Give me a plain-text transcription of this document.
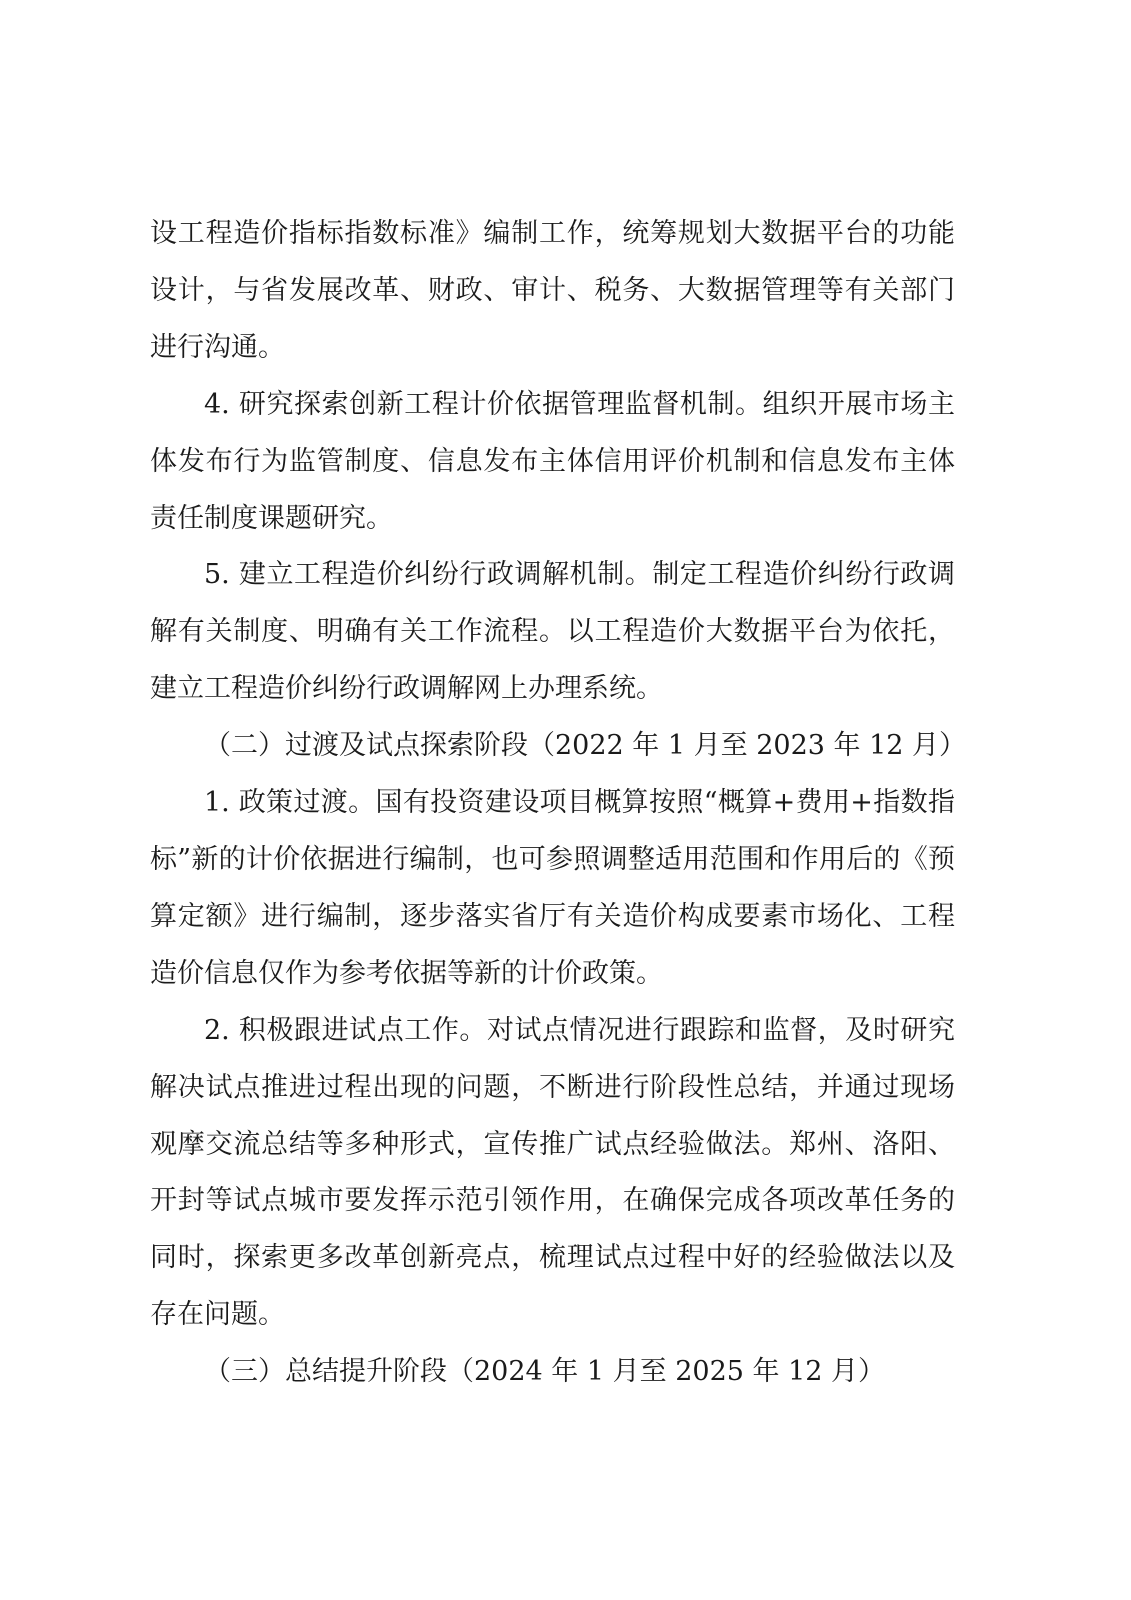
设工程造价指标指数标准》编制工作，统筹规划大数据平台的功能设计，与省发展改革、财政、审计、税务、大数据管理等有关部门进行沟通。

4. 研究探索创新工程计价依据管理监督机制。组织开展市场主体发布行为监管制度、信息发布主体信用评价机制和信息发布主体责任制度课题研究。

5. 建立工程造价纠纷行政调解机制。制定工程造价纠纷行政调解有关制度、明确有关工作流程。以工程造价大数据平台为依托，建立工程造价纠纷行政调解网上办理系统。

（二）过渡及试点探索阶段（2022 年 1 月至 2023 年 12 月）

1. 政策过渡。国有投资建设项目概算按照“概算+费用+指数指标”新的计价依据进行编制，也可参照调整适用范围和作用后的《预算定额》进行编制，逐步落实省厅有关造价构成要素市场化、工程造价信息仅作为参考依据等新的计价政策。

2. 积极跟进试点工作。对试点情况进行跟踪和监督，及时研究解决试点推进过程出现的问题，不断进行阶段性总结，并通过现场观摩交流总结等多种形式，宣传推广试点经验做法。郑州、洛阳、开封等试点城市要发挥示范引领作用，在确保完成各项改革任务的同时，探索更多改革创新亮点，梳理试点过程中好的经验做法以及存在问题。

（三）总结提升阶段（2024 年 1 月至 2025 年 12 月）
